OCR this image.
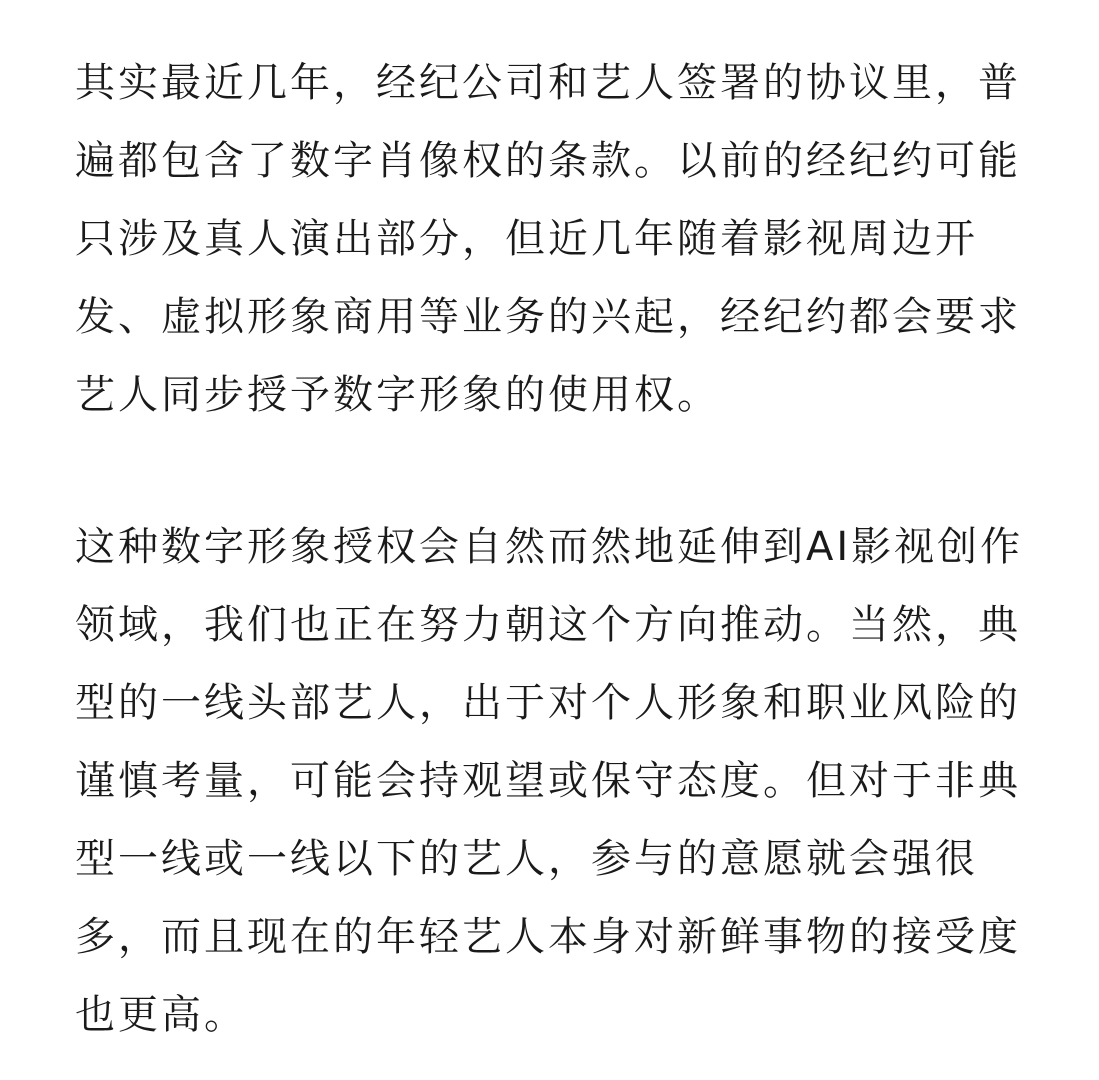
其实最近几年，经纪公司和艺人签署的协议里，普
遍都包含了数字肖像权的条款。以前的经纪约可能
只涉及真人演出部分，但近几年随着影视周边开
发、虚拟形象商用等业务的兴起，经纪约都会要求
艺人同步授予数字形象的使用权。
这种数字形象授权会自然而然地延伸到AI影视创作
领域，我们也正在努力朝这个方向推动。当然，典
型的一线头部艺人，出于对个人形象和职业风险的
谨慎考量，可能会持观望或保守态度。但对于非典
型一线或一线以下的艺人，参与的意愿就会强很
多，而且现在的年轻艺人本身对新鲜事物的接受度
也更高。
